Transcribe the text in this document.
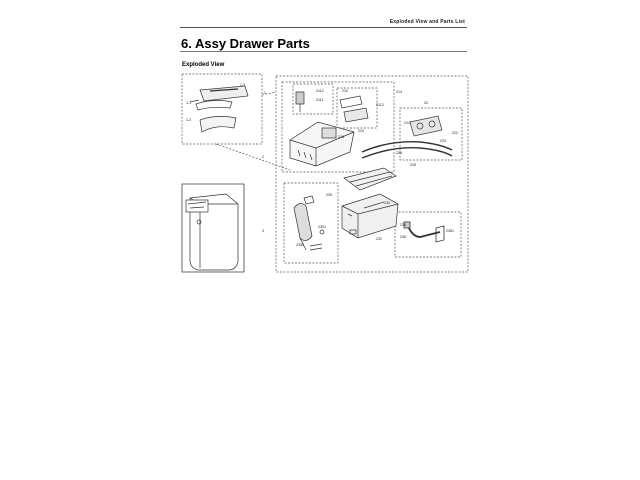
Exploded View and Parts List
6. Assy Drawer Parts
Exploded View
1
2
3
1-1
1-2
1-3
210
2112
2111
2113
214
215
22
221
222
223
224
225
226
235
2351
2352
234
2361
236
233
232
